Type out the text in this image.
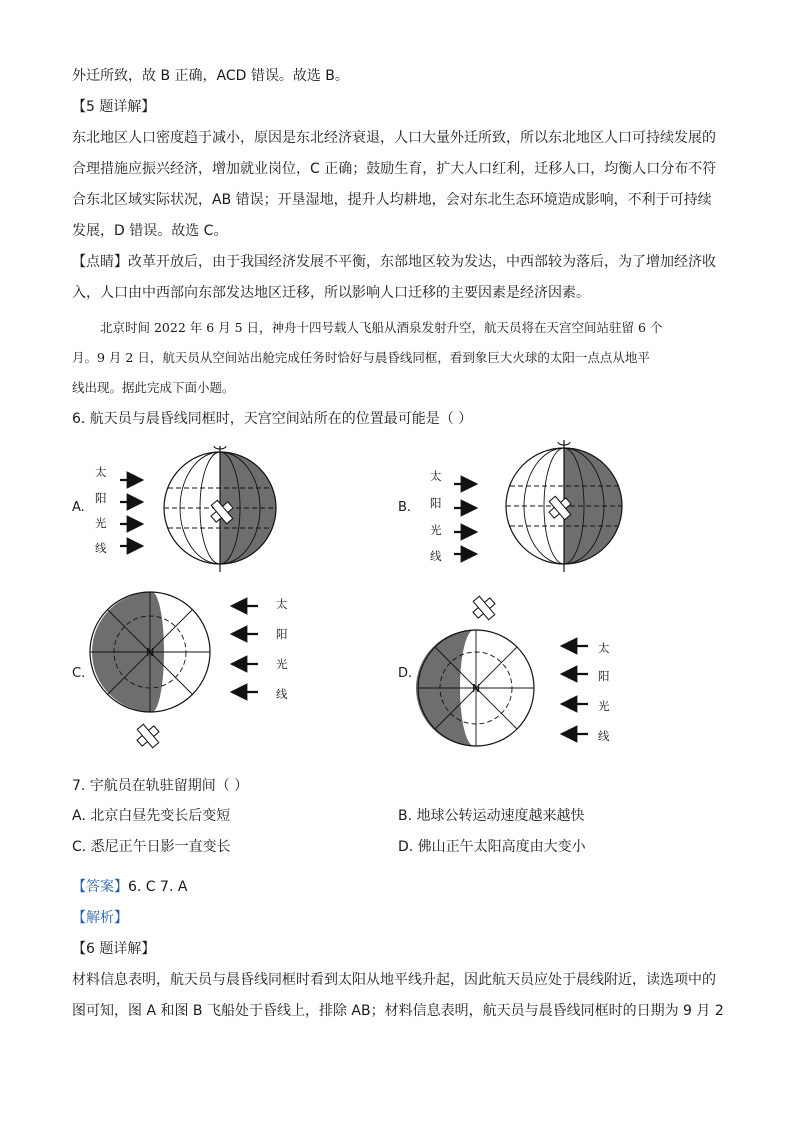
外迁所致，故 B 正确，ACD 错误。故选 B。
【5 题详解】
东北地区人口密度趋于减小，原因是东北经济衰退，人口大量外迁所致，所以东北地区人口可持续发展的
合理措施应振兴经济，增加就业岗位，C 正确；鼓励生育，扩大人口红利，迁移人口，均衡人口分布不符
合东北区域实际状况，AB 错误；开垦湿地，提升人均耕地，会对东北生态环境造成影响，不利于可持续
发展，D 错误。故选 C。
【点睛】改革开放后，由于我国经济发展不平衡，东部地区较为发达，中西部较为落后，为了增加经济收
入，人口由中西部向东部发达地区迁移，所以影响人口迁移的主要因素是经济因素。
北京时间 2022 年 6 月 5 日，神舟十四号载人飞船从酒泉发射升空，航天员将在天宫空间站驻留 6 个
月。9 月 2 日，航天员从空间站出舱完成任务时恰好与晨昏线同框，看到象巨大火球的太阳一点点从地平
线出现。据此完成下面小题。
6. 航天员与晨昏线同框时，天宫空间站所在的位置最可能是（ ）
A.
太
阳
光
线
B.
太
阳
光
线
C.
N
太
阳
光
线
D.
N
太
阳
光
线
7. 宇航员在轨驻留期间（ ）
A. 北京白昼先变长后变短	B. 地球公转运动速度越来越快
C. 悉尼正午日影一直变长	D. 佛山正午太阳高度由大变小
【答案】6. C 7. A
【解析】
【6 题详解】
材料信息表明，航天员与晨昏线同框时看到太阳从地平线升起，因此航天员应处于晨线附近，读选项中的
图可知，图 A 和图 B 飞船处于昏线上，排除 AB；材料信息表明，航天员与晨昏线同框时的日期为 9 月 2
